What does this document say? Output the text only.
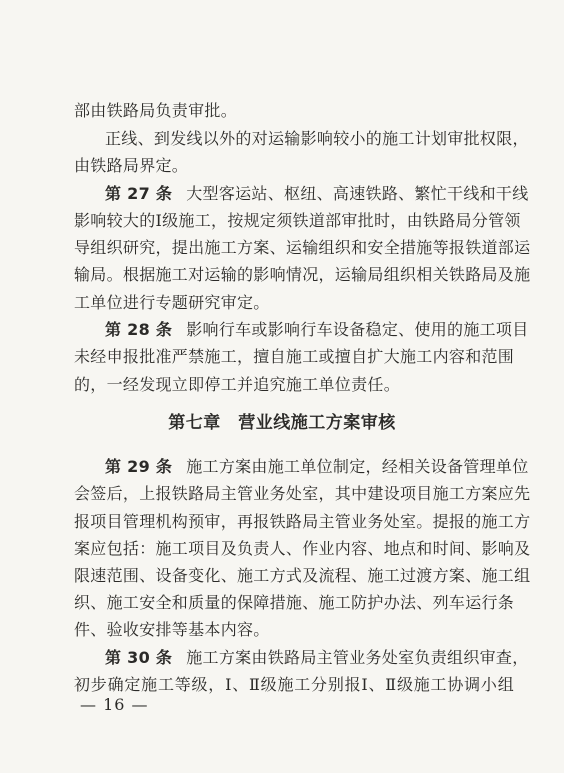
部由铁路局负责审批。
正线、到发线以外的对运输影响较小的施工计划审批权限，
由铁路局界定。
第 27 条 大型客运站、枢纽、高速铁路、繁忙干线和干线
影响较大的Ⅰ级施工，按规定须铁道部审批时，由铁路局分管领
导组织研究，提出施工方案、运输组织和安全措施等报铁道部运
输局。根据施工对运输的影响情况，运输局组织相关铁路局及施
工单位进行专题研究审定。
第 28 条 影响行车或影响行车设备稳定、使用的施工项目
未经申报批准严禁施工，擅自施工或擅自扩大施工内容和范围
的，一经发现立即停工并追究施工单位责任。
第七章　营业线施工方案审核
第 29 条 施工方案由施工单位制定，经相关设备管理单位
会签后，上报铁路局主管业务处室，其中建设项目施工方案应先
报项目管理机构预审，再报铁路局主管业务处室。提报的施工方
案应包括：施工项目及负责人、作业内容、地点和时间、影响及
限速范围、设备变化、施工方式及流程、施工过渡方案、施工组
织、施工安全和质量的保障措施、施工防护办法、列车运行条
件、验收安排等基本内容。
第 30 条 施工方案由铁路局主管业务处室负责组织审查，
初步确定施工等级，Ⅰ、Ⅱ级施工分别报Ⅰ、Ⅱ级施工协调小组
— 16 —
